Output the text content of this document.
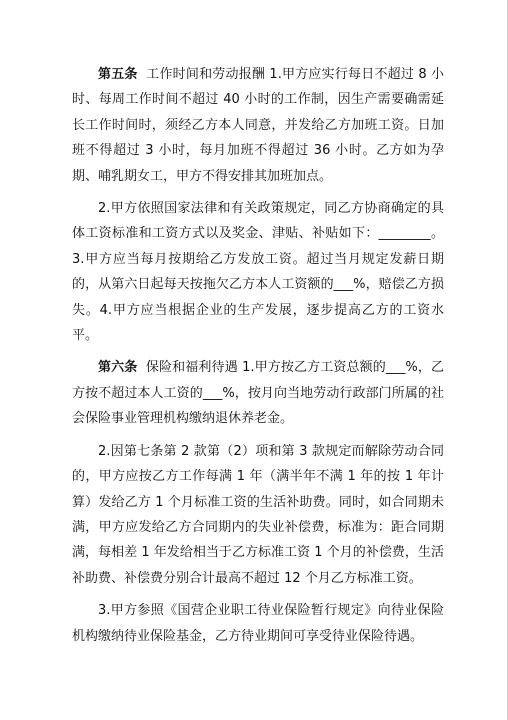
第五条 工作时间和劳动报酬 1.甲方应实行每日不超过 8 小时、每周工作时间不超过 40 小时的工作制，因生产需要确需延长工作时间时，须经乙方本人同意，并发给乙方加班工资。日加班不得超过 3 小时，每月加班不得超过 36 小时。乙方如为孕期、哺乳期女工，甲方不得安排其加班加点。

2.甲方依照国家法律和有关政策规定，同乙方协商确定的具体工资标准和工资方式以及奖金、津贴、补贴如下：________。3.甲方应当每月按期给乙方发放工资。超过当月规定发薪日期的，从第六日起每天按拖欠乙方本人工资额的___%，赔偿乙方损失。4.甲方应当根据企业的生产发展，逐步提高乙方的工资水平。

第六条 保险和福利待遇 1.甲方按乙方工资总额的___%，乙方按不超过本人工资的___%，按月向当地劳动行政部门所属的社会保险事业管理机构缴纳退休养老金。

2.因第七条第 2 款第（2）项和第 3 款规定而解除劳动合同的，甲方应按乙方工作每满 1 年（满半年不满 1 年的按 1 年计算）发给乙方 1 个月标准工资的生活补助费。同时，如合同期未满，甲方应发给乙方合同期内的失业补偿费，标准为：距合同期满，每相差 1 年发给相当于乙方标准工资 1 个月的补偿费，生活补助费、补偿费分别合计最高不超过 12 个月乙方标准工资。

3.甲方参照《国营企业职工待业保险暂行规定》向待业保险机构缴纳待业保险基金，乙方待业期间可享受待业保险待遇。
